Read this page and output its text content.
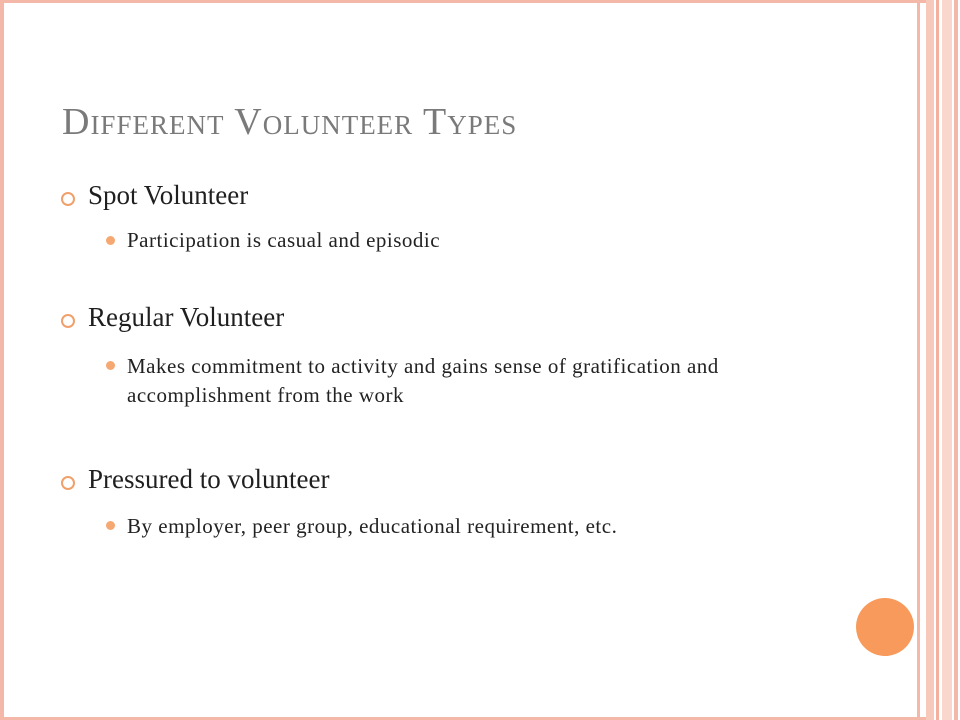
Different Volunteer Types

Spot Volunteer

Participation is casual and episodic

Regular Volunteer

Makes commitment to activity and gains sense of gratification and accomplishment from the work

Pressured to volunteer

By employer, peer group, educational requirement, etc.
